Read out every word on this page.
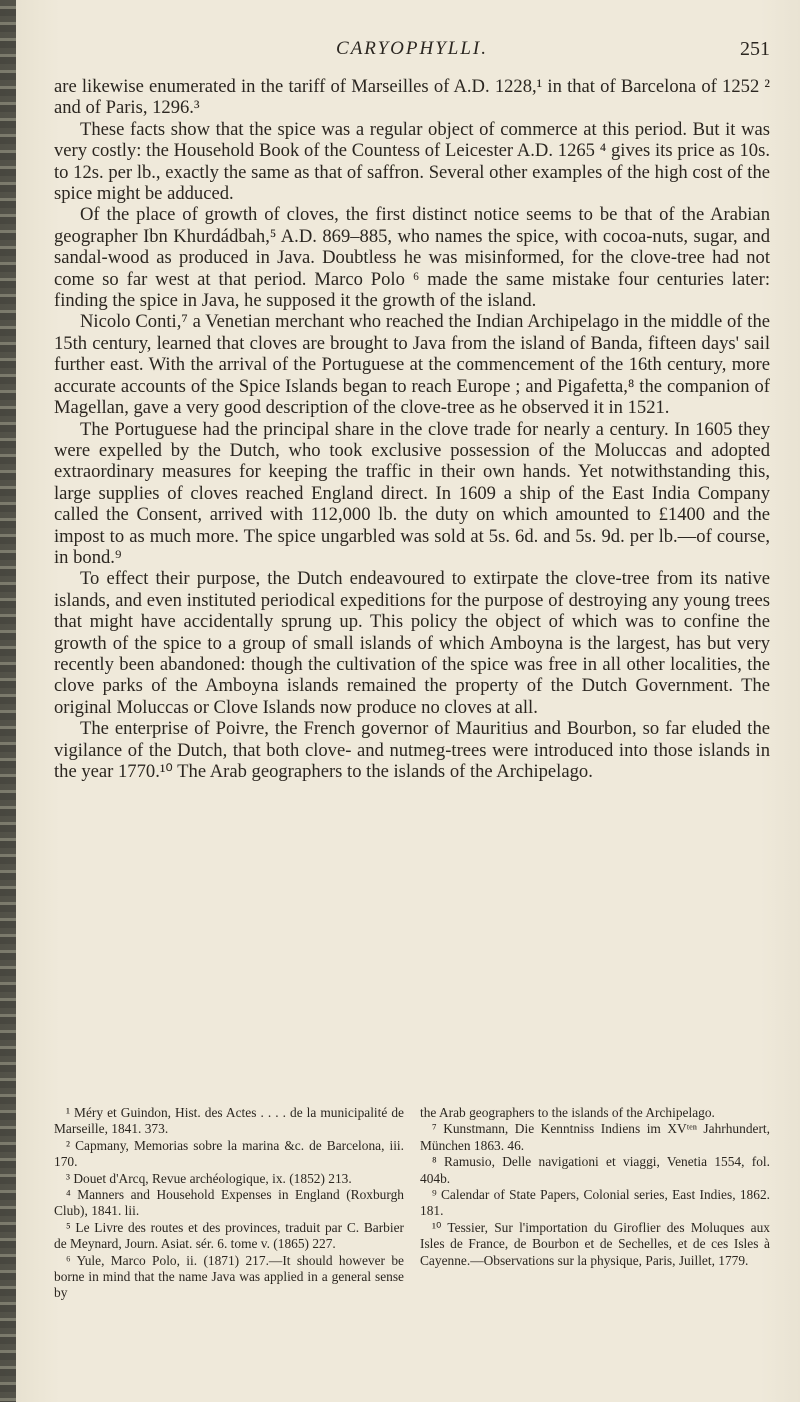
CARYOPHYLLI.	251

are likewise enumerated in the tariff of Marseilles of A.D. 1228,¹ in that of Barcelona of 1252 ² and of Paris, 1296.³

These facts show that the spice was a regular object of commerce at this period. But it was very costly: the Household Book of the Countess of Leicester A.D. 1265 ⁴ gives its price as 10s. to 12s. per lb., exactly the same as that of saffron. Several other examples of the high cost of the spice might be adduced.

Of the place of growth of cloves, the first distinct notice seems to be that of the Arabian geographer Ibn Khurdádbah,⁵ A.D. 869–885, who names the spice, with cocoa-nuts, sugar, and sandal-wood as produced in Java. Doubtless he was misinformed, for the clove-tree had not come so far west at that period. Marco Polo ⁶ made the same mistake four centuries later: finding the spice in Java, he supposed it the growth of the island.

Nicolo Conti,⁷ a Venetian merchant who reached the Indian Archipelago in the middle of the 15th century, learned that cloves are brought to Java from the island of Banda, fifteen days' sail further east. With the arrival of the Portuguese at the commencement of the 16th century, more accurate accounts of the Spice Islands began to reach Europe ; and Pigafetta,⁸ the companion of Magellan, gave a very good description of the clove-tree as he observed it in 1521.

The Portuguese had the principal share in the clove trade for nearly a century. In 1605 they were expelled by the Dutch, who took exclusive possession of the Moluccas and adopted extraordinary measures for keeping the traffic in their own hands. Yet notwithstanding this, large supplies of cloves reached England direct. In 1609 a ship of the East India Company called the Consent, arrived with 112,000 lb. the duty on which amounted to £1400 and the impost to as much more. The spice ungarbled was sold at 5s. 6d. and 5s. 9d. per lb.—of course, in bond.⁹

To effect their purpose, the Dutch endeavoured to extirpate the clove-tree from its native islands, and even instituted periodical expeditions for the purpose of destroying any young trees that might have accidentally sprung up. This policy the object of which was to confine the growth of the spice to a group of small islands of which Amboyna is the largest, has but very recently been abandoned: though the cultivation of the spice was free in all other localities, the clove parks of the Amboyna islands remained the property of the Dutch Government. The original Moluccas or Clove Islands now produce no cloves at all.

The enterprise of Poivre, the French governor of Mauritius and Bourbon, so far eluded the vigilance of the Dutch, that both clove- and nutmeg-trees were introduced into those islands in the year 1770.¹⁰ The Arab geographers to the islands of the Archipelago.

¹ Méry et Guindon, Hist. des Actes . . . . de la municipalité de Marseille, 1841. 373.

² Capmany, Memorias sobre la marina &c. de Barcelona, iii. 170.

³ Douet d'Arcq, Revue archéologique, ix. (1852) 213.

⁴ Manners and Household Expenses in England (Roxburgh Club), 1841. lii.

⁵ Le Livre des routes et des provinces, traduit par C. Barbier de Meynard, Journ. Asiat. sér. 6. tome v. (1865) 227.

⁶ Yule, Marco Polo, ii. (1871) 217.—It should however be borne in mind that the name Java was applied in a general sense by

the Arab geographers to the islands of the Archipelago.

⁷ Kunstmann, Die Kenntniss Indiens im XVᵗᵉⁿ Jahrhundert, München 1863. 46.

⁸ Ramusio, Delle navigationi et viaggi, Venetia 1554, fol. 404b.

⁹ Calendar of State Papers, Colonial series, East Indies, 1862. 181.

¹⁰ Tessier, Sur l'importation du Giroflier des Moluques aux Isles de France, de Bourbon et de Sechelles, et de ces Isles à Cayenne.—Observations sur la physique, Paris, Juillet, 1779.
